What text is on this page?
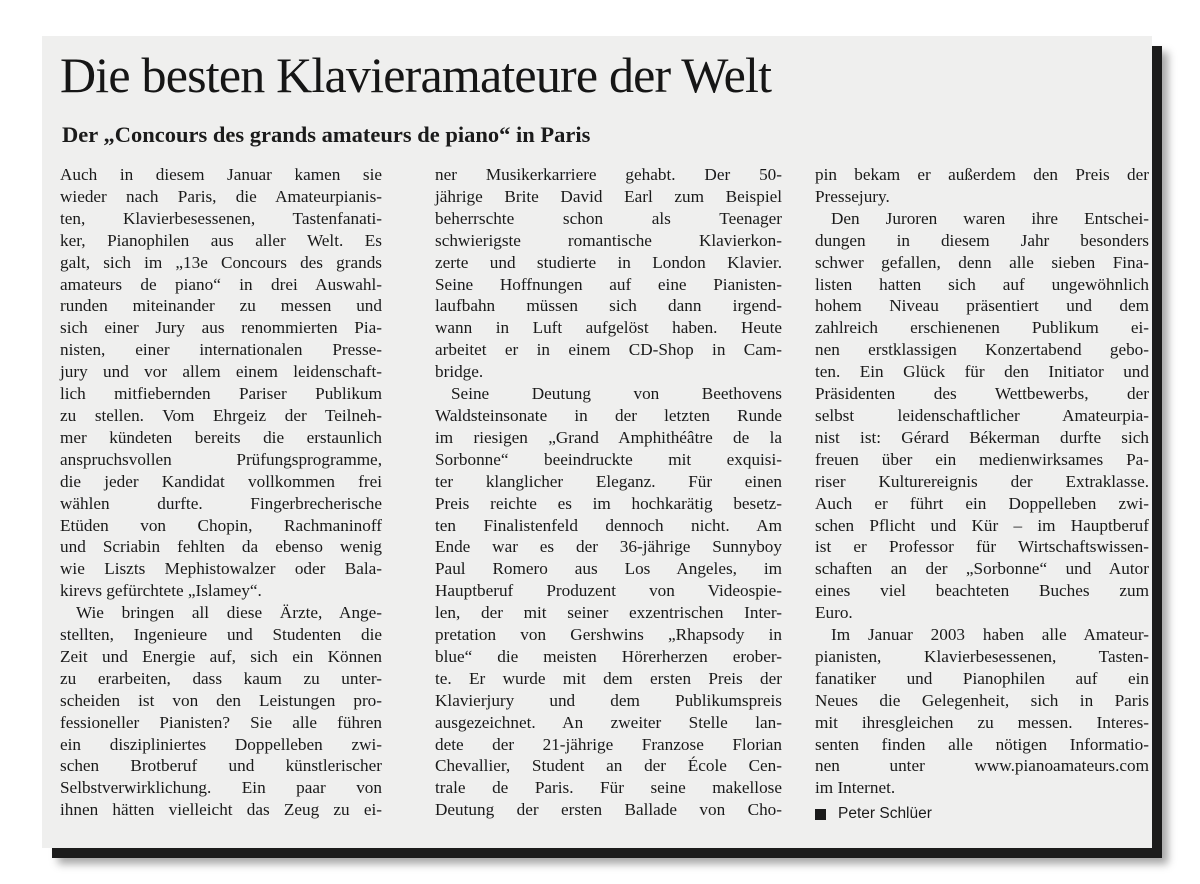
Die besten Klavieramateure der Welt
Der „Concours des grands amateurs de piano“ in Paris

Auch in diesem Januar kamen sie

wieder nach Paris, die Amateurpianis-

ten, Klavierbesessenen, Tastenfanati-

ker, Pianophilen aus aller Welt. Es

galt, sich im „13e Concours des grands

amateurs de piano“ in drei Auswahl-

runden miteinander zu messen und

sich einer Jury aus renommierten Pia-

nisten, einer internationalen Presse-

jury und vor allem einem leidenschaft-

lich mitfiebernden Pariser Publikum

zu stellen. Vom Ehrgeiz der Teilneh-

mer kündeten bereits die erstaunlich

anspruchsvollen Prüfungsprogramme,

die jeder Kandidat vollkommen frei

wählen durfte. Fingerbrecherische

Etüden von Chopin, Rachmaninoff

und Scriabin fehlten da ebenso wenig

wie Liszts Mephistowalzer oder Bala-

kirevs gefürchtete „Islamey“.

Wie bringen all diese Ärzte, Ange-

stellten, Ingenieure und Studenten die

Zeit und Energie auf, sich ein Können

zu erarbeiten, dass kaum zu unter-

scheiden ist von den Leistungen pro-

fessioneller Pianisten? Sie alle führen

ein diszipliniertes Doppelleben zwi-

schen Brotberuf und künstlerischer

Selbstverwirklichung. Ein paar von

ihnen hätten vielleicht das Zeug zu ei-

ner Musikerkarriere gehabt. Der 50-

jährige Brite David Earl zum Beispiel

beherrschte schon als Teenager

schwierigste romantische Klavierkon-

zerte und studierte in London Klavier.

Seine Hoffnungen auf eine Pianisten-

laufbahn müssen sich dann irgend-

wann in Luft aufgelöst haben. Heute

arbeitet er in einem CD-Shop in Cam-

bridge.

Seine Deutung von Beethovens

Waldsteinsonate in der letzten Runde

im riesigen „Grand Amphithéâtre de la

Sorbonne“ beeindruckte mit exquisi-

ter klanglicher Eleganz. Für einen

Preis reichte es im hochkarätig besetz-

ten Finalistenfeld dennoch nicht. Am

Ende war es der 36-jährige Sunnyboy

Paul Romero aus Los Angeles, im

Hauptberuf Produzent von Videospie-

len, der mit seiner exzentrischen Inter-

pretation von Gershwins „Rhapsody in

blue“ die meisten Hörerherzen erober-

te. Er wurde mit dem ersten Preis der

Klavierjury und dem Publikumspreis

ausgezeichnet. An zweiter Stelle lan-

dete der 21-jährige Franzose Florian

Chevallier, Student an der École Cen-

trale de Paris. Für seine makellose

Deutung der ersten Ballade von Cho-

pin bekam er außerdem den Preis der

Pressejury.

Den Juroren waren ihre Entschei-

dungen in diesem Jahr besonders

schwer gefallen, denn alle sieben Fina-

listen hatten sich auf ungewöhnlich

hohem Niveau präsentiert und dem

zahlreich erschienenen Publikum ei-

nen erstklassigen Konzertabend gebo-

ten. Ein Glück für den Initiator und

Präsidenten des Wettbewerbs, der

selbst leidenschaftlicher Amateurpia-

nist ist: Gérard Békerman durfte sich

freuen über ein medienwirksames Pa-

riser Kulturereignis der Extraklasse.

Auch er führt ein Doppelleben zwi-

schen Pflicht und Kür – im Hauptberuf

ist er Professor für Wirtschaftswissen-

schaften an der „Sorbonne“ und Autor

eines viel beachteten Buches zum

Euro.

Im Januar 2003 haben alle Amateur-

pianisten, Klavierbesessenen, Tasten-

fanatiker und Pianophilen auf ein

Neues die Gelegenheit, sich in Paris

mit ihresgleichen zu messen. Interes-

senten finden alle nötigen Informatio-

nen unter www.pianoamateurs.com

im Internet.

Peter Schlüer
